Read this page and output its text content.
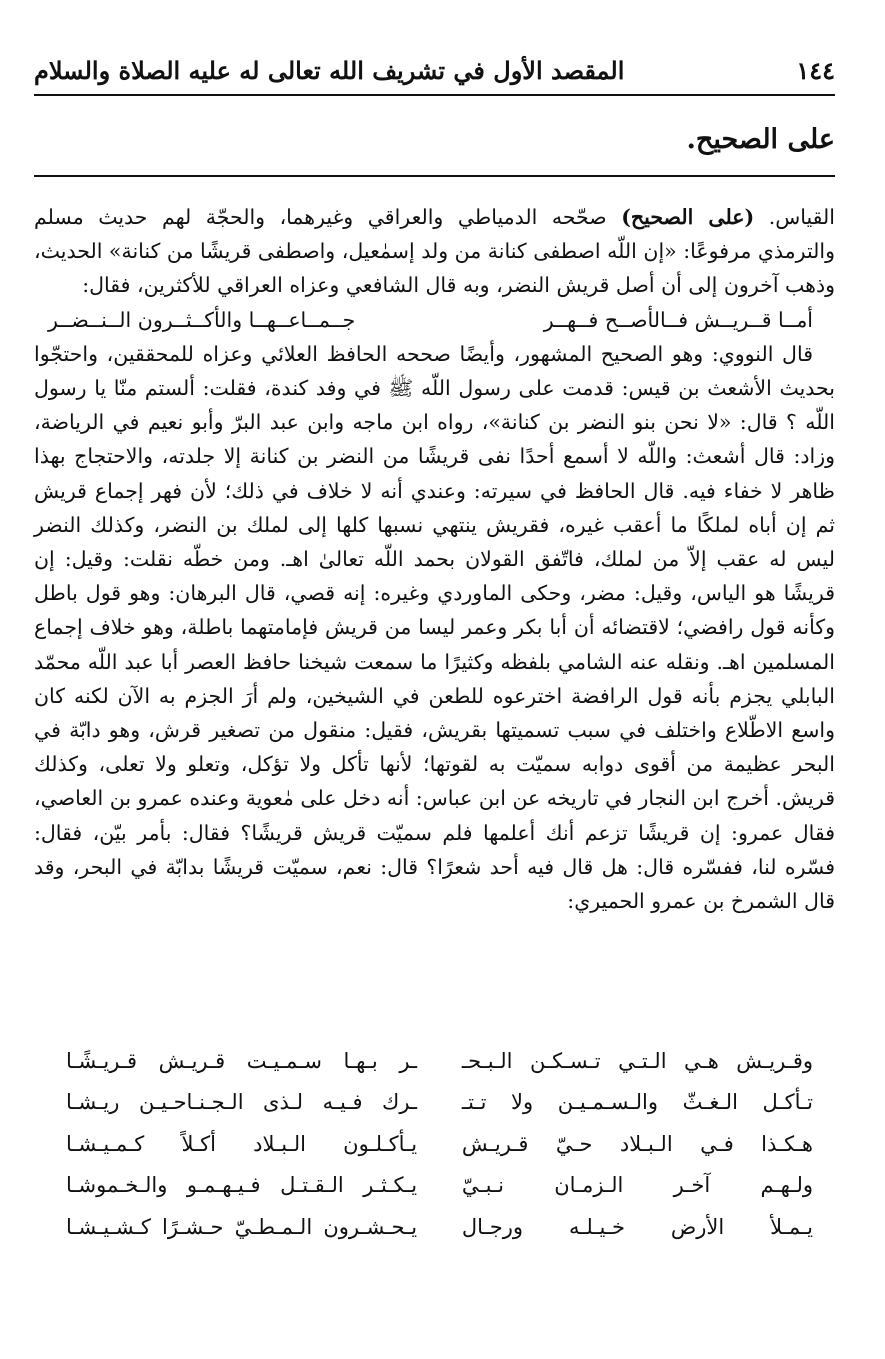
١٤٤
المقصد الأول في تشريف الله تعالى له عليه الصلاة والسلام
على الصحيح.

القياس. (على الصحيح) صحّحه الدمياطي والعراقي وغيرهما، والحجّة لهم حديث مسلم والترمذي مرفوعًا: «إن اللّه اصطفى كنانة من ولد إسمٰعيل، واصطفى قريشًا من كنانة» الحديث، وذهب آخرون إلى أن أصل قريش النضر، وبه قال الشافعي وعزاه العراقي للأكثرين، فقال:

أمــا قــريــش فــالأصــح فــهــر
جــمــاعــهــا والأكــثــرون الــنــضــر

قال النووي: وهو الصحيح المشهور، وأيضًا صححه الحافظ العلائي وعزاه للمحققين، واحتجّوا بحديث الأشعث بن قيس: قدمت على رسول اللّه ﷺ في وفد كندة، فقلت: ألستم منّا يا رسول اللّه ؟ قال: «لا نحن بنو النضر بن كنانة»، رواه ابن ماجه وابن عبد البرّ وأبو نعيم في الرياضة، وزاد: قال أشعث: واللّه لا أسمع أحدًا نفى قريشًا من النضر بن كنانة إلا جلدته، والاحتجاج بهذا ظاهر لا خفاء فيه. قال الحافظ في سيرته: وعندي أنه لا خلاف في ذلك؛ لأن فهر إجماع قريش ثم إن أباه لملكًا ما أعقب غيره، فقريش ينتهي نسبها كلها إلى لملك بن النضر، وكذلك النضر ليس له عقب إلاّ من لملك، فاتّفق القولان بحمد اللّه تعالىٰ اهـ. ومن خطّه نقلت: وقيل: إن قريشًا هو الياس، وقيل: مضر، وحكى الماوردي وغيره: إنه قصي، قال البرهان: وهو قول باطل وكأنه قول رافضي؛ لاقتضائه أن أبا بكر وعمر ليسا من قريش فإمامتهما باطلة، وهو خلاف إجماع المسلمين اهـ. ونقله عنه الشامي بلفظه وكثيرًا ما سمعت شيخنا حافظ العصر أبا عبد اللّه محمّد البابلي يجزم بأنه قول الرافضة اخترعوه للطعن في الشيخين، ولم أرَ الجزم به الآن لكنه كان واسع الاطّلاع واختلف في سبب تسميتها بقريش، فقيل: منقول من تصغير قرش، وهو دابّة في البحر عظيمة من أقوى دوابه سميّت به لقوتها؛ لأنها تأكل ولا تؤكل، وتعلو ولا تعلى، وكذلك قريش. أخرج ابن النجار في تاريخه عن ابن عباس: أنه دخل على مٰعوية وعنده عمرو بن العاصي، فقال عمرو: إن قريشًا تزعم أنك أعلمها فلم سميّت قريش قريشًا؟ فقال: بأمر بيّن، فقال: فسّره لنا، ففسّره قال: هل قال فيه أحد شعرًا؟ قال: نعم، سميّت قريشًا بدابّة في البحر، وقد قال الشمرخ بن عمرو الحميري:

وقـريـش هـي الـتـي تـسـكـن الـبـحـ
ـر بـهـا سـمـيـت قـريـش قـريـشًـا
تـأكـل الـغـثّ والـسـمـيـن ولا تـتـ
ـرك فـيـه لـذى الـجـنـاحـيـن ريـشـا
هـكـذا فـي الـبـلاد حـيّ قـريـش
يـأكـلـون الـبـلاد أكـلاً كـمـيـشـا
ولـهـم آخـر الـزمـان نـبـيّ
يـكـثـر الـقـتـل فـيـهـمـو والـخـموشـا
يـمـلأ الأرض خـيـلـه ورجـال
يـحـشـرون الـمـطـيّ حـشـرًا كـشـيـشـا
